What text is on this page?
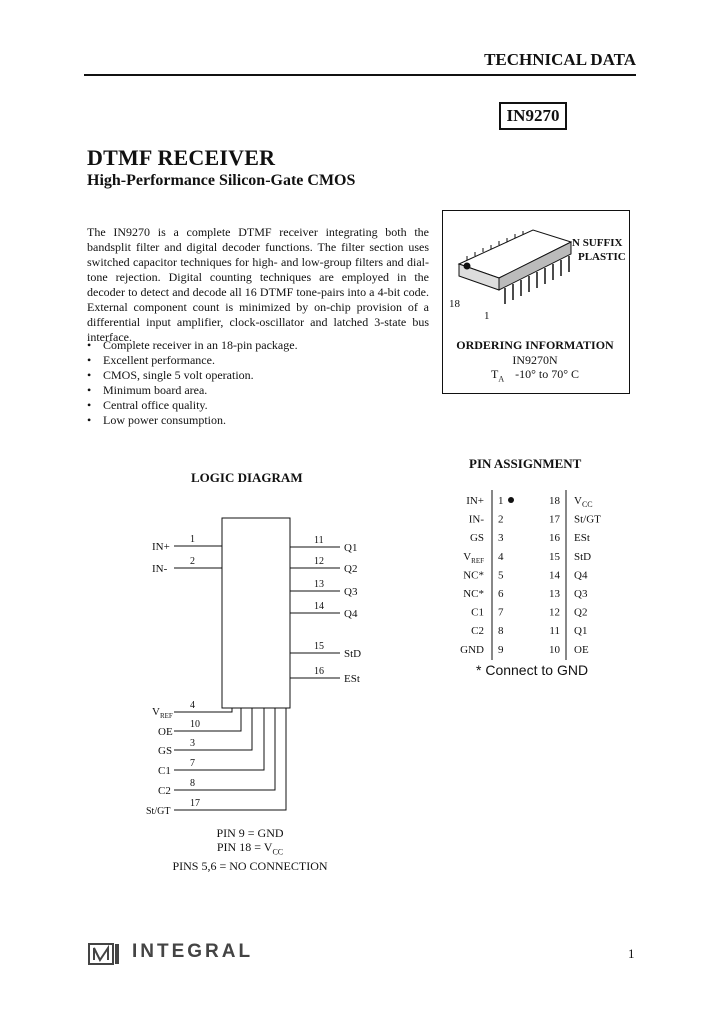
TECHNICAL DATA
IN9270
DTMF RECEIVER
High-Performance Silicon-Gate CMOS
The IN9270 is a complete DTMF receiver integrating both the bandsplit filter and digital decoder functions. The filter section uses switched capacitor techniques for high- and low-group filters and dial-tone rejection. Digital counting techniques are employed in the decoder to detect and decode all 16 DTMF tone-pairs into a 4-bit code. External component count is minimized by on-chip provision of a differential input amplifier, clock-oscillator and latched 3-state bus interface.
• Complete receiver in an 18-pin package.
• Excellent performance.
• CMOS, single 5 volt operation.
• Minimum board area.
• Central office quality.
• Low power consumption.
N SUFFIX
PLASTIC
18
1
ORDERING INFORMATION
IN9270N
$T_A$ -10° to 70° C
LOGIC DIAGRAM
1
2
11
12
13
14
15
16
4
10
3
7
8
17
IN+
IN-
Q1
Q2
Q3
Q4
StD
ESt
$V_{REF}$
OE
GS
C1
C2
St/GT
PIN 9 = GND
PIN $18 = V_{CC}$
PINS 5,6 = NO CONNECTION
PIN ASSIGNMENT
IN+ 1
IN- 2
GS 3
$V_{REF}$ 4
NC* 5
NC* 6
C1 7
C2 8
GND 9
18 $V_{CC}$
17 St/GT
16 ESt
15 StD
14 Q4
13 Q3
12 Q2
11 Q1
10 OE
* Connect to GND
INTEGRAL	1
